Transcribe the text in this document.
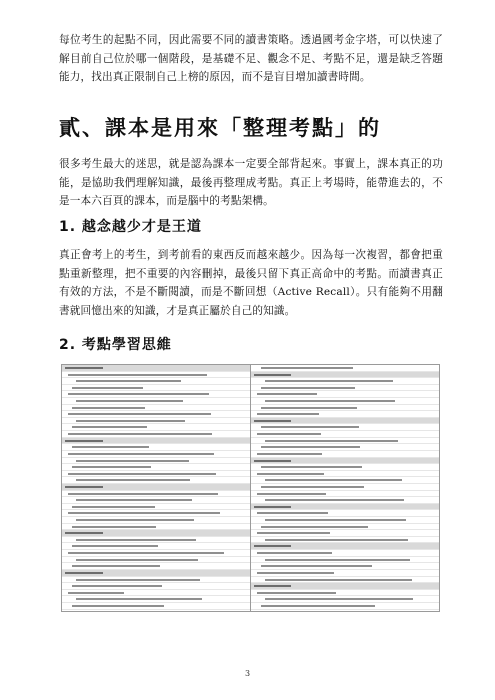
每位考生的起點不同，因此需要不同的讀書策略。透過國考金字塔，可以快速了解目前自己位於哪一個階段，是基礎不足、觀念不足、考點不足，還是缺乏答題能力，找出真正限制自己上榜的原因，而不是盲目增加讀書時間。

貳、課本是用來「整理考點」的

很多考生最大的迷思，就是認為課本一定要全部背起來。事實上，課本真正的功能，是協助我們理解知識，最後再整理成考點。真正上考場時，能帶進去的，不是一本六百頁的課本，而是腦中的考點架構。

1. 越念越少才是王道

真正會考上的考生，到考前看的東西反而越來越少。因為每一次複習，都會把重點重新整理，把不重要的內容刪掉，最後只留下真正高命中的考點。而讀書真正有效的方法，不是不斷閱讀，而是不斷回想（Active Recall）。只有能夠不用翻書就回憶出來的知識，才是真正屬於自己的知識。

2. 考點學習思維
3
